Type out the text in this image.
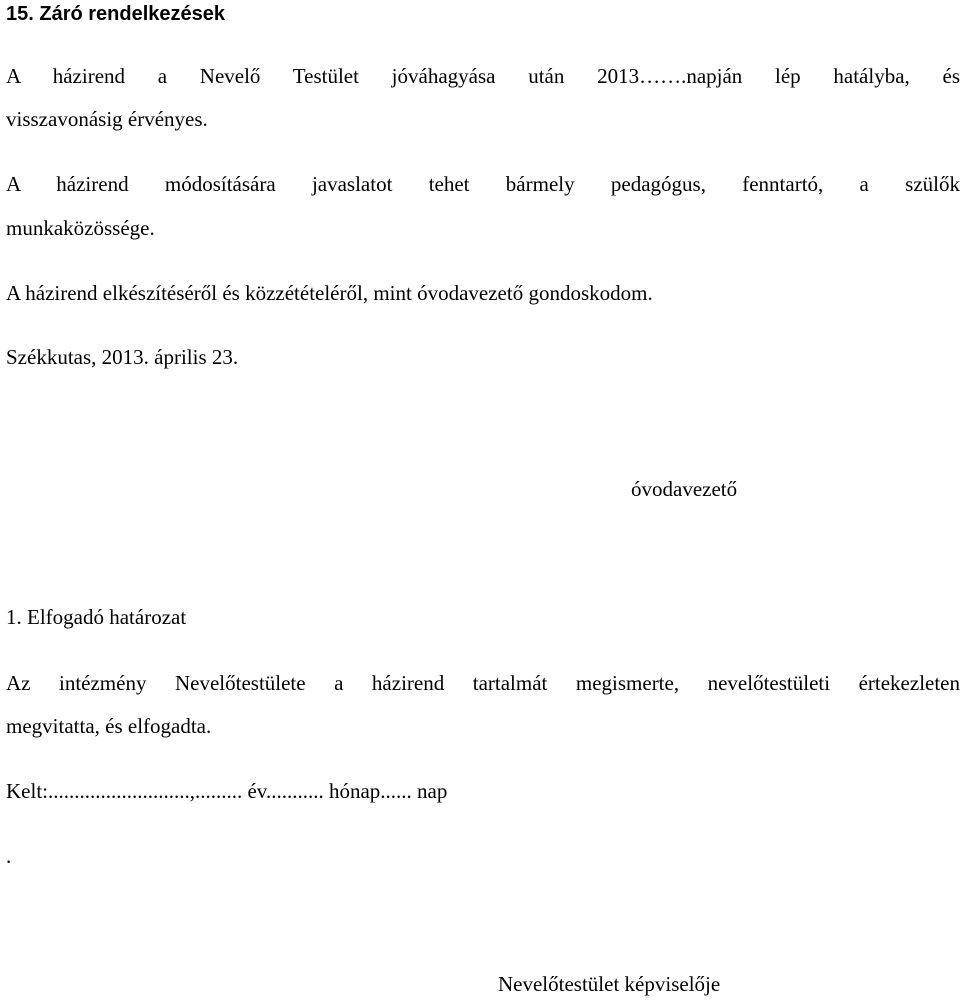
15. Záró rendelkezések
A házirend a Nevelő Testület jóváhagyása után 2013…….napján lép hatályba, és
visszavonásig érvényes.
A házirend módosítására javaslatot tehet bármely pedagógus, fenntartó, a szülők
munkaközössége.
A házirend elkészítéséről és közzétételéről, mint óvodavezető gondoskodom.
Székkutas, 2013. április 23.
óvodavezető
1. Elfogadó határozat
Az intézmény Nevelőtestülete a házirend tartalmát megismerte, nevelőtestületi értekezleten
megvitatta, és elfogadta.
Kelt:...........................,......... év........... hónap...... nap
.
Nevelőtestület képviselője
